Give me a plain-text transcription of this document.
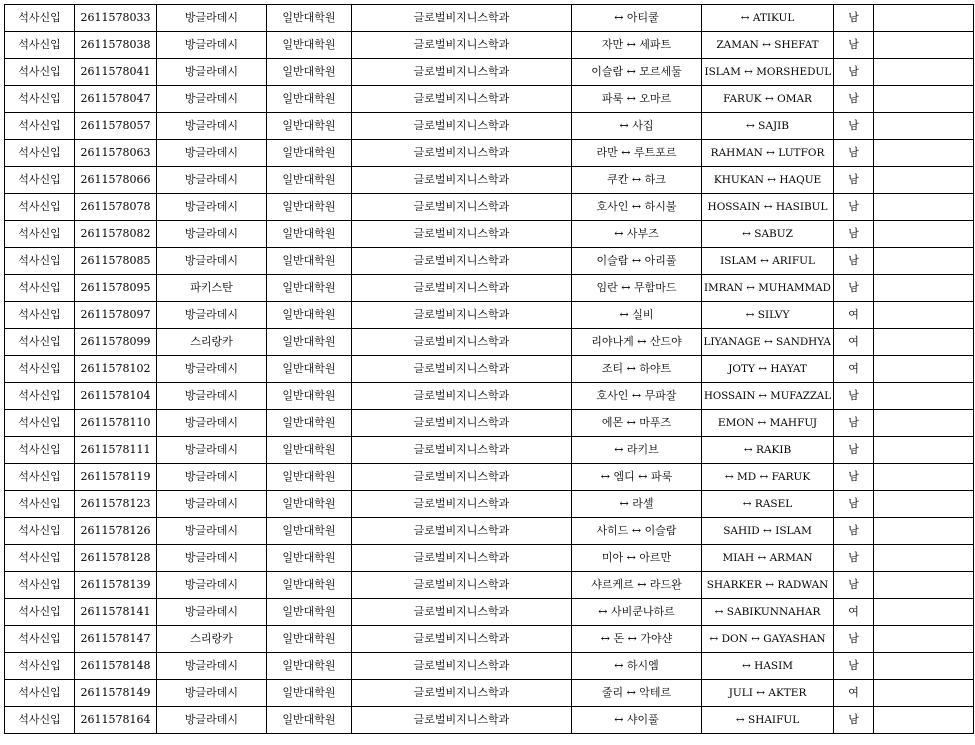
석사신입	2611578033	방글라데시	일반대학원	글로벌비지니스학과	↔ 아티쿨	↔ ATIKUL	남	
석사신입	2611578038	방글라데시	일반대학원	글로벌비지니스학과	자만 ↔ 세파트	ZAMAN ↔ SHEFAT	남	
석사신입	2611578041	방글라데시	일반대학원	글로벌비지니스학과	이슬람 ↔ 모르세둘	ISLAM ↔ MORSHEDUL	남	
석사신입	2611578047	방글라데시	일반대학원	글로벌비지니스학과	파룩 ↔ 오마르	FARUK ↔ OMAR	남	
석사신입	2611578057	방글라데시	일반대학원	글로벌비지니스학과	↔ 사집	↔ SAJIB	남	
석사신입	2611578063	방글라데시	일반대학원	글로벌비지니스학과	라만 ↔ 루트포르	RAHMAN ↔ LUTFOR	남	
석사신입	2611578066	방글라데시	일반대학원	글로벌비지니스학과	쿠칸 ↔ 하크	KHUKAN ↔ HAQUE	남	
석사신입	2611578078	방글라데시	일반대학원	글로벌비지니스학과	호사인 ↔ 하시불	HOSSAIN ↔ HASIBUL	남	
석사신입	2611578082	방글라데시	일반대학원	글로벌비지니스학과	↔ 사부즈	↔ SABUZ	남	
석사신입	2611578085	방글라데시	일반대학원	글로벌비지니스학과	이슬람 ↔ 아리풀	ISLAM ↔ ARIFUL	남	
석사신입	2611578095	파키스탄	일반대학원	글로벌비지니스학과	임란 ↔ 무함마드	IMRAN ↔ MUHAMMAD	남	
석사신입	2611578097	방글라데시	일반대학원	글로벌비지니스학과	↔ 실비	↔ SILVY	여	
석사신입	2611578099	스리랑카	일반대학원	글로벌비지니스학과	리야나게 ↔ 산드야	LIYANAGE ↔ SANDHYA	여	
석사신입	2611578102	방글라데시	일반대학원	글로벌비지니스학과	조티 ↔ 하야트	JOTY ↔ HAYAT	여	
석사신입	2611578104	방글라데시	일반대학원	글로벌비지니스학과	호사인 ↔ 무파잘	HOSSAIN ↔ MUFAZZAL	남	
석사신입	2611578110	방글라데시	일반대학원	글로벌비지니스학과	에몬 ↔ 마푸즈	EMON ↔ MAHFUJ	남	
석사신입	2611578111	방글라데시	일반대학원	글로벌비지니스학과	↔ 라키브	↔ RAKIB	남	
석사신입	2611578119	방글라데시	일반대학원	글로벌비지니스학과	↔ 엠디 ↔ 파룩	↔ MD ↔ FARUK	남	
석사신입	2611578123	방글라데시	일반대학원	글로벌비지니스학과	↔ 라셀	↔ RASEL	남	
석사신입	2611578126	방글라데시	일반대학원	글로벌비지니스학과	사히드 ↔ 이슬람	SAHID ↔ ISLAM	남	
석사신입	2611578128	방글라데시	일반대학원	글로벌비지니스학과	미아 ↔ 아르만	MIAH ↔ ARMAN	남	
석사신입	2611578139	방글라데시	일반대학원	글로벌비지니스학과	샤르케르 ↔ 라드완	SHARKER ↔ RADWAN	남	
석사신입	2611578141	방글라데시	일반대학원	글로벌비지니스학과	↔ 사비쿤나하르	↔ SABIKUNNAHAR	여	
석사신입	2611578147	스리랑카	일반대학원	글로벌비지니스학과	↔ 돈 ↔ 가야샨	↔ DON ↔ GAYASHAN	남	
석사신입	2611578148	방글라데시	일반대학원	글로벌비지니스학과	↔ 하시엠	↔ HASIM	남	
석사신입	2611578149	방글라데시	일반대학원	글로벌비지니스학과	줄리 ↔ 악테르	JULI ↔ AKTER	여	
석사신입	2611578164	방글라데시	일반대학원	글로벌비지니스학과	↔ 샤이풀	↔ SHAIFUL	남	
